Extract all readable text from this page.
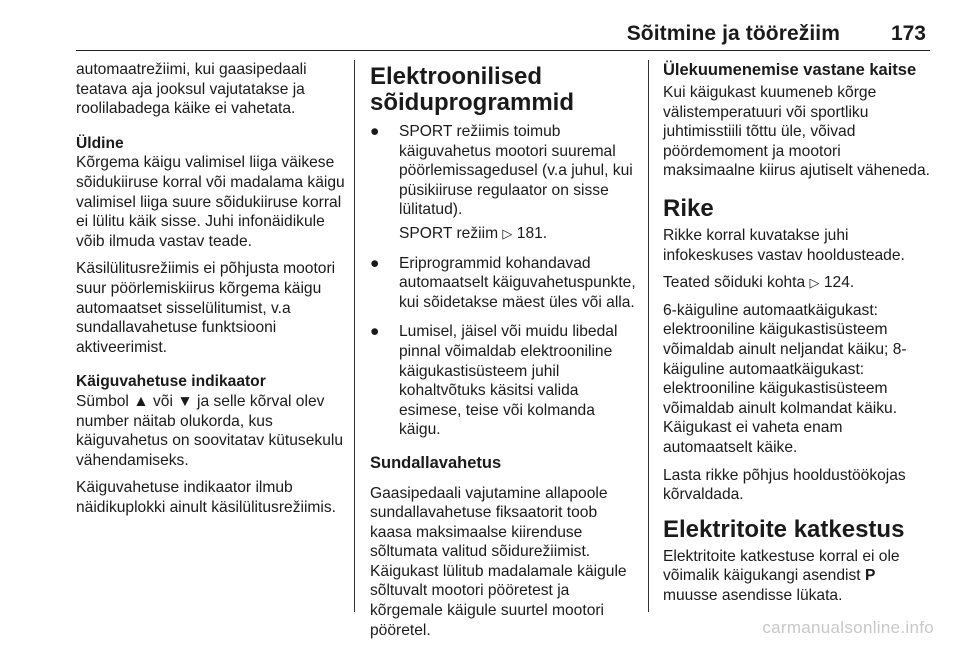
Sõitmine ja töörežiim 173

automaatrežiimi, kui gaasipedaali teatava aja jooksul vajutatakse ja roolilabadega käike ei vahetata.

Üldine

Kõrgema käigu valimisel liiga väikese sõidukiiruse korral või madalama käigu valimisel liiga suure sõidukiiruse korral ei lülitu käik sisse. Juhi infonäidikule võib ilmuda vastav teade.

Käsilülitusrežiimis ei põhjusta mootori suur pöörlemiskiirus kõrgema käigu automaatset sisselülitumist, v.a sundallavahetuse funktsiooni aktiveerimist.

Käiguvahetuse indikaator

Sümbol ▲ või ▼ ja selle kõrval olev number näitab olukorda, kus käiguvahetus on soovitatav kütusekulu vähendamiseks.

Käiguvahetuse indikaator ilmub näidikuplokki ainult käsilülitusrežiimis.

Elektroonilised sõiduprogrammid
● SPORT režiimis toimub käiguvahetus mootori suuremal pöörlemissagedusel (v.a juhul, kui püsikiiruse regulaator on sisse lülitatud).

SPORT režiim ▷ 181.

● Eriprogrammid kohandavad automaatselt käiguvahetuspunkte, kui sõidetakse mäest üles või alla.

● Lumisel, jäisel või muidu libedal pinnal võimaldab elektrooniline käigukastisüsteem juhil kohaltvõtuks käsitsi valida esimese, teise või kolmanda käigu.

Sundallavahetus

Gaasipedaali vajutamine allapoole sundallavahetuse fiksaatorit toob kaasa maksimaalse kiirenduse sõltumata valitud sõidurežiimist. Käigukast lülitub madalamale käigule sõltuvalt mootori pööretest ja kõrgemale käigule suurtel mootori pööretel.

Ülekuumenemise vastane kaitse

Kui käigukast kuumeneb kõrge välistemperatuuri või sportliku juhtimisstiili tõttu üle, võivad pöördemoment ja mootori maksimaalne kiirus ajutiselt väheneda.

Rike

Rikke korral kuvatakse juhi infokeskuses vastav hooldusteade.

Teated sõiduki kohta ▷ 124.

6-käiguline automaatkäigukast: elektrooniline käigukastisüsteem võimaldab ainult neljandat käiku; 8-käiguline automaatkäigukast: elektrooniline käigukastisüsteem võimaldab ainult kolmandat käiku. Käigukast ei vaheta enam automaatselt käike.

Lasta rikke põhjus hooldustöökojas kõrvaldada.

Elektritoite katkestus

Elektritoite katkestuse korral ei ole võimalik käigukangi asendist P muusse asendisse lükata.

carmanualsonline.info
